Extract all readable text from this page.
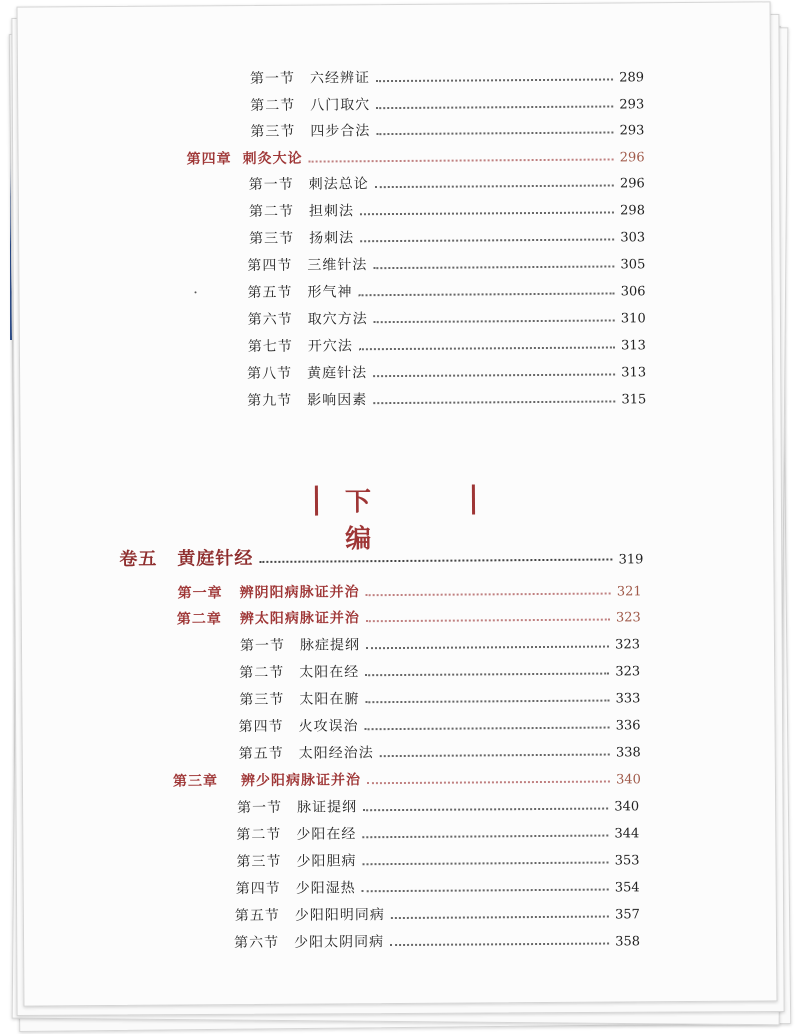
第一节	六经辨证	289
第二节	八门取穴	293
第三节	四步合法	293
第四章 刺灸大论	296
第一节	刺法总论	296
第二节	担刺法	298
第三节	扬刺法	303
第四节	三维针法	305
第五节	形气神	306
第六节	取穴方法	310
第七节	开穴法	313
第八节	黄庭针法	313
第九节	影响因素	315
下 编
卷五	黄庭针经	319
第一章	辨阴阳病脉证并治	321
第二章	辨太阳病脉证并治	323
第一节	脉症提纲	323
第二节	太阳在经	323
第三节	太阳在腑	333
第四节	火攻误治	336
第五节	太阳经治法	338
第三章	辨少阳病脉证并治	340
第一节	脉证提纲	340
第二节	少阳在经	344
第三节	少阳胆病	353
第四节	少阳湿热	354
第五节	少阳阳明同病	357
第六节	少阳太阴同病	358
